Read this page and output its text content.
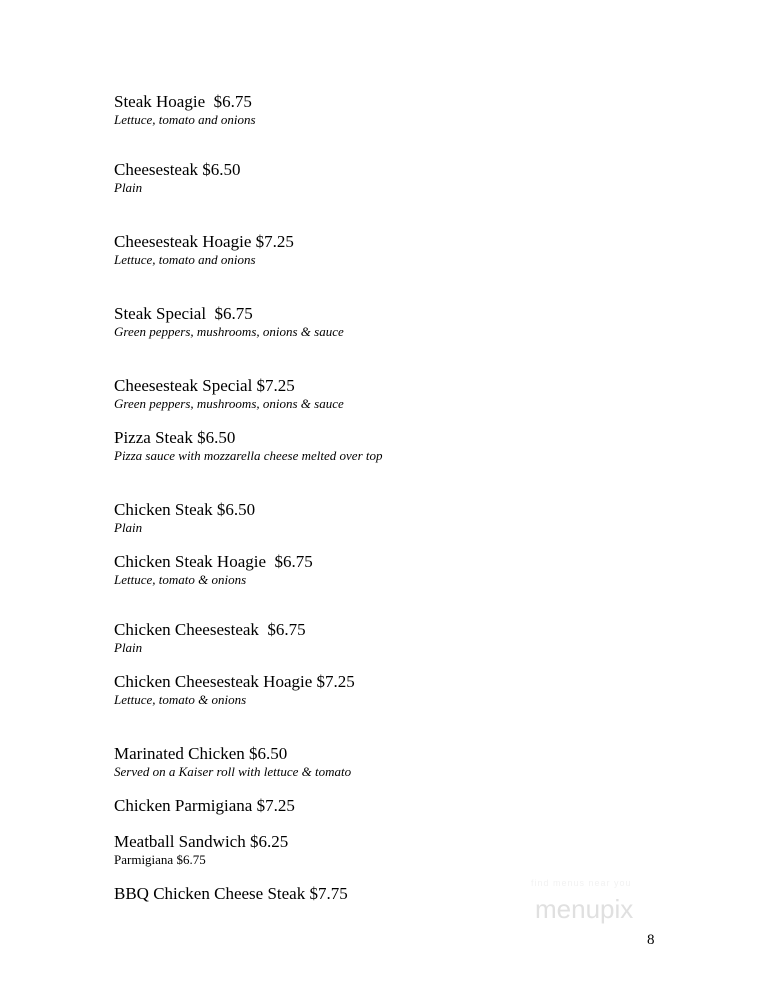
Steak Hoagie  $6.75
Lettuce, tomato and onions
Cheesesteak $6.50
Plain
Cheesesteak Hoagie $7.25
Lettuce, tomato and onions
Steak Special  $6.75
Green peppers, mushrooms, onions & sauce
Cheesesteak Special $7.25
Green peppers, mushrooms, onions & sauce
Pizza Steak $6.50
Pizza sauce with mozzarella cheese melted over top
Chicken Steak $6.50
Plain
Chicken Steak Hoagie  $6.75
Lettuce, tomato & onions
Chicken Cheesesteak  $6.75
Plain
Chicken Cheesesteak Hoagie $7.25
Lettuce, tomato & onions
Marinated Chicken $6.50
Served on a Kaiser roll with lettuce & tomato
Chicken Parmigiana $7.25
Meatball Sandwich $6.25
Parmigiana $6.75
BBQ Chicken Cheese Steak $7.75
find menus near you
menupix
8
